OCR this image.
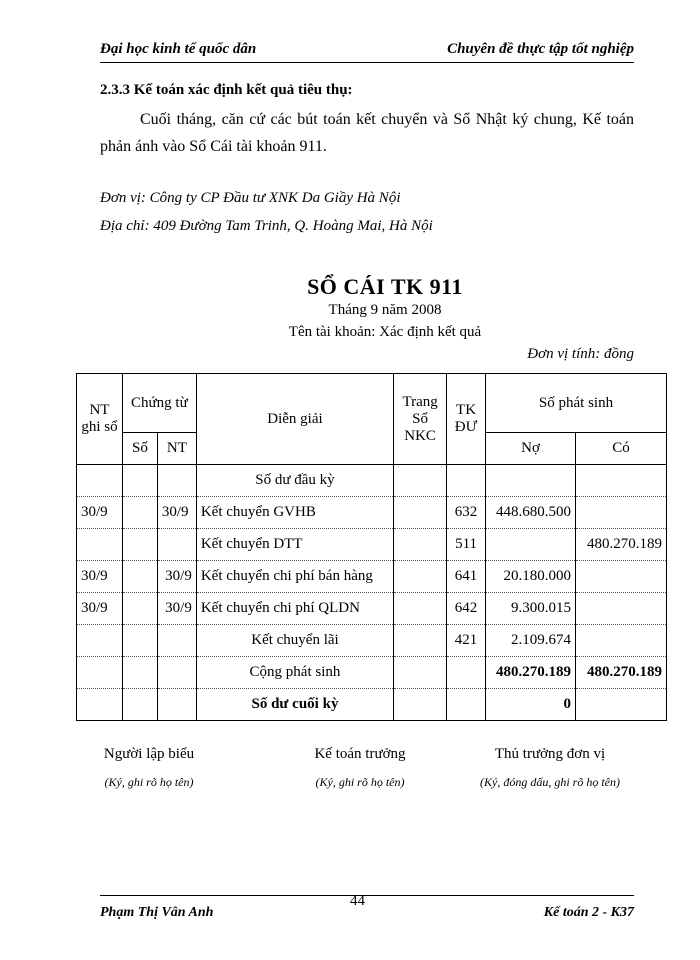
Đại học kinh tế quốc dân	Chuyên đề thực tập tốt nghiệp
2.3.3 Kế toán xác định kết quả tiêu thụ:
Cuối tháng, căn cứ các bút toán kết chuyển và Sổ Nhật ký chung, Kế toán phản ánh vào Sổ Cái tài khoản 911.
Đơn vị: Công ty CP Đầu tư XNK Da Giầy Hà Nội
Địa chỉ: 409 Đường Tam Trinh, Q. Hoàng Mai, Hà Nội
SỔ CÁI TK 911
Tháng 9 năm 2008
Tên tài khoản: Xác định kết quả
Đơn vị tính: đồng
NT ghi sổ	Chứng từ		Diễn giải	Trang Sổ NKC	TK ĐƯ	Số phát sinh	
	Số	NT				Nợ	Có
			Số dư đầu kỳ				
30/9		30/9	Kết chuyển GVHB		632	448.680.500	
			Kết chuyển DTT		511		480.270.189
30/9		30/9	Kết chuyển chi phí bán hàng		641	20.180.000	
30/9		30/9	Kết chuyển chi phí QLDN		642	9.300.015	
			Kết chuyển lãi		421	2.109.674	
			Cộng phát sinh			480.270.189	480.270.189
			Số dư cuối kỳ			0	
Người lập biểu
(Ký, ghi rõ họ tên)
Kế toán trưởng
(Ký, ghi rõ họ tên)
Thủ trưởng đơn vị
(Ký, đóng dấu, ghi rõ họ tên)
Phạm Thị Vân Anh
44
Kế toán 2 - K37
